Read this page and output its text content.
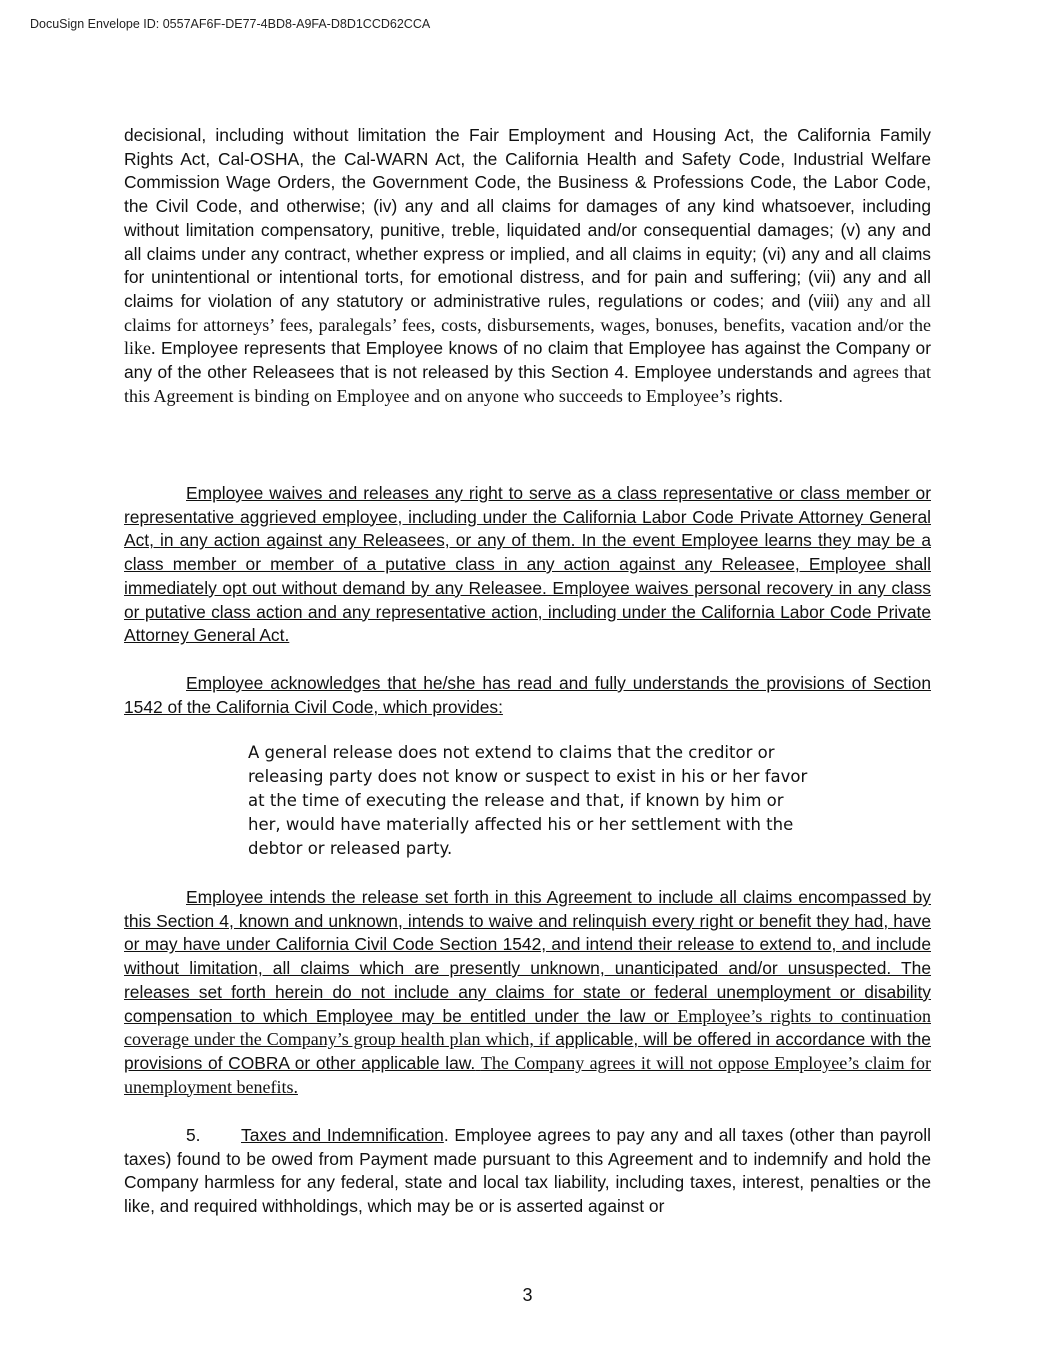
DocuSign Envelope ID: 0557AF6F-DE77-4BD8-A9FA-D8D1CCD62CCA

decisional, including without limitation the Fair Employment and Housing Act, the California Family Rights Act, Cal-OSHA, the Cal-WARN Act, the California Health and Safety Code, Industrial Welfare Commission Wage Orders, the Government Code, the Business & Professions Code, the Labor Code, the Civil Code, and otherwise; (iv) any and all claims for damages of any kind whatsoever, including without limitation compensatory, punitive, treble, liquidated and/or consequential damages; (v) any and all claims under any contract, whether express or implied, and all claims in equity; (vi) any and all claims for unintentional or intentional torts, for emotional distress, and for pain and suffering; (vii) any and all claims for violation of any statutory or administrative rules, regulations or codes; and (viii) any and all claims for attorneys’ fees, paralegals’ fees, costs, disbursements, wages, bonuses, benefits, vacation and/or the like. Employee represents that Employee knows of no claim that Employee has against the Company or any of the other Releasees that is not released by this Section 4. Employee understands and agrees that this Agreement is binding on Employee and on anyone who succeeds to Employee’s rights.

Employee waives and releases any right to serve as a class representative or class member or representative aggrieved employee, including under the California Labor Code Private Attorney General Act, in any action against any Releasees, or any of them. In the event Employee learns they may be a class member or member of a putative class in any action against any Releasee, Employee shall immediately opt out without demand by any Releasee. Employee waives personal recovery in any class or putative class action and any representative action, including under the California Labor Code Private Attorney General Act.

Employee acknowledges that he/she has read and fully understands the provisions of Section 1542 of the California Civil Code, which provides:

A general release does not extend to claims that the creditor or releasing party does not know or suspect to exist in his or her favor at the time of executing the release and that, if known by him or her, would have materially affected his or her settlement with the debtor or released party.

Employee intends the release set forth in this Agreement to include all claims encompassed by this Section 4, known and unknown, intends to waive and relinquish every right or benefit they had, have or may have under California Civil Code Section 1542, and intend their release to extend to, and include without limitation, all claims which are presently unknown, unanticipated and/or unsuspected. The releases set forth herein do not include any claims for state or federal unemployment or disability compensation to which Employee may be entitled under the law or Employee’s rights to continuation coverage under the Company’s group health plan which, if applicable, will be offered in accordance with the provisions of COBRA or other applicable law. The Company agrees it will not oppose Employee’s claim for unemployment benefits.

5. Taxes and Indemnification. Employee agrees to pay any and all taxes (other than payroll taxes) found to be owed from Payment made pursuant to this Agreement and to indemnify and hold the Company harmless for any federal, state and local tax liability, including taxes, interest, penalties or the like, and required withholdings, which may be or is asserted against or

3
